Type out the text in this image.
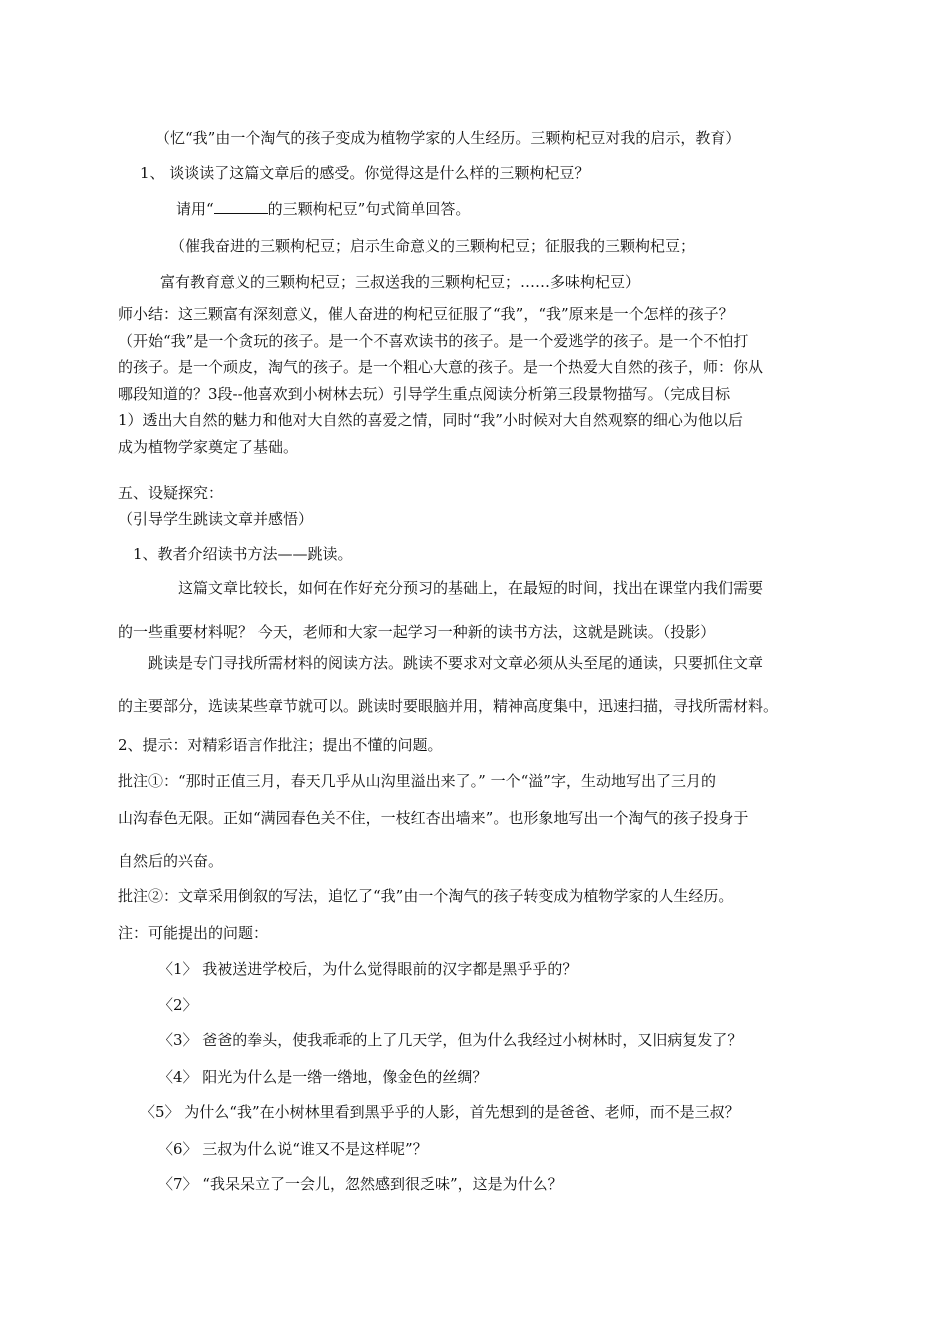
（忆“我”由一个淘气的孩子变成为植物学家的人生经历。三颗枸杞豆对我的启示，教育）
1、 谈谈读了这篇文章后的感受。你觉得这是什么样的三颗枸杞豆？
请用“	的三颗枸杞豆”句式简单回答。
（催我奋进的三颗枸杞豆；启示生命意义的三颗枸杞豆；征服我的三颗枸杞豆；
富有教育意义的三颗枸杞豆；三叔送我的三颗枸杞豆；……多味枸杞豆）
师小结：这三颗富有深刻意义，催人奋进的枸杞豆征服了“我”，“我”原来是一个怎样的孩子？
（开始“我”是一个贪玩的孩子。是一个不喜欢读书的孩子。是一个爱逃学的孩子。是一个不怕打
的孩子。是一个顽皮，淘气的孩子。是一个粗心大意的孩子。是一个热爱大自然的孩子，师：你从
哪段知道的？3段--他喜欢到小树林去玩）引导学生重点阅读分析第三段景物描写。（完成目标
1）透出大自然的魅力和他对大自然的喜爱之情，同时“我”小时候对大自然观察的细心为他以后
成为植物学家奠定了基础。
五、设疑探究：
（引导学生跳读文章并感悟）
1、教者介绍读书方法——跳读。
这篇文章比较长，如何在作好充分预习的基础上，在最短的时间，找出在课堂内我们需要
的一些重要材料呢？ 今天，老师和大家一起学习一种新的读书方法，这就是跳读。（投影）
跳读是专门寻找所需材料的阅读方法。跳读不要求对文章必须从头至尾的通读，只要抓住文章
的主要部分，选读某些章节就可以。跳读时要眼脑并用，精神高度集中，迅速扫描，寻找所需材料。
2、提示：对精彩语言作批注；提出不懂的问题。
批注①：“那时正值三月，春天几乎从山沟里溢出来了。” 一个“溢”字，生动地写出了三月的
山沟春色无限。正如“满园春色关不住，一枝红杏出墙来”。也形象地写出一个淘气的孩子投身于
自然后的兴奋。
批注②：文章采用倒叙的写法，追忆了“我”由一个淘气的孩子转变成为植物学家的人生经历。
注：可能提出的问题：
〈1〉 我被送进学校后，为什么觉得眼前的汉字都是黑乎乎的？
〈2〉
〈3〉 爸爸的拳头，使我乖乖的上了几天学，但为什么我经过小树林时，又旧病复发了？
〈4〉 阳光为什么是一绺一绺地，像金色的丝绸？
〈5〉 为什么“我”在小树林里看到黑乎乎的人影，首先想到的是爸爸、老师，而不是三叔？
〈6〉 三叔为什么说“谁又不是这样呢”？
〈7〉 “我呆呆立了一会儿，忽然感到很乏味”，这是为什么？
